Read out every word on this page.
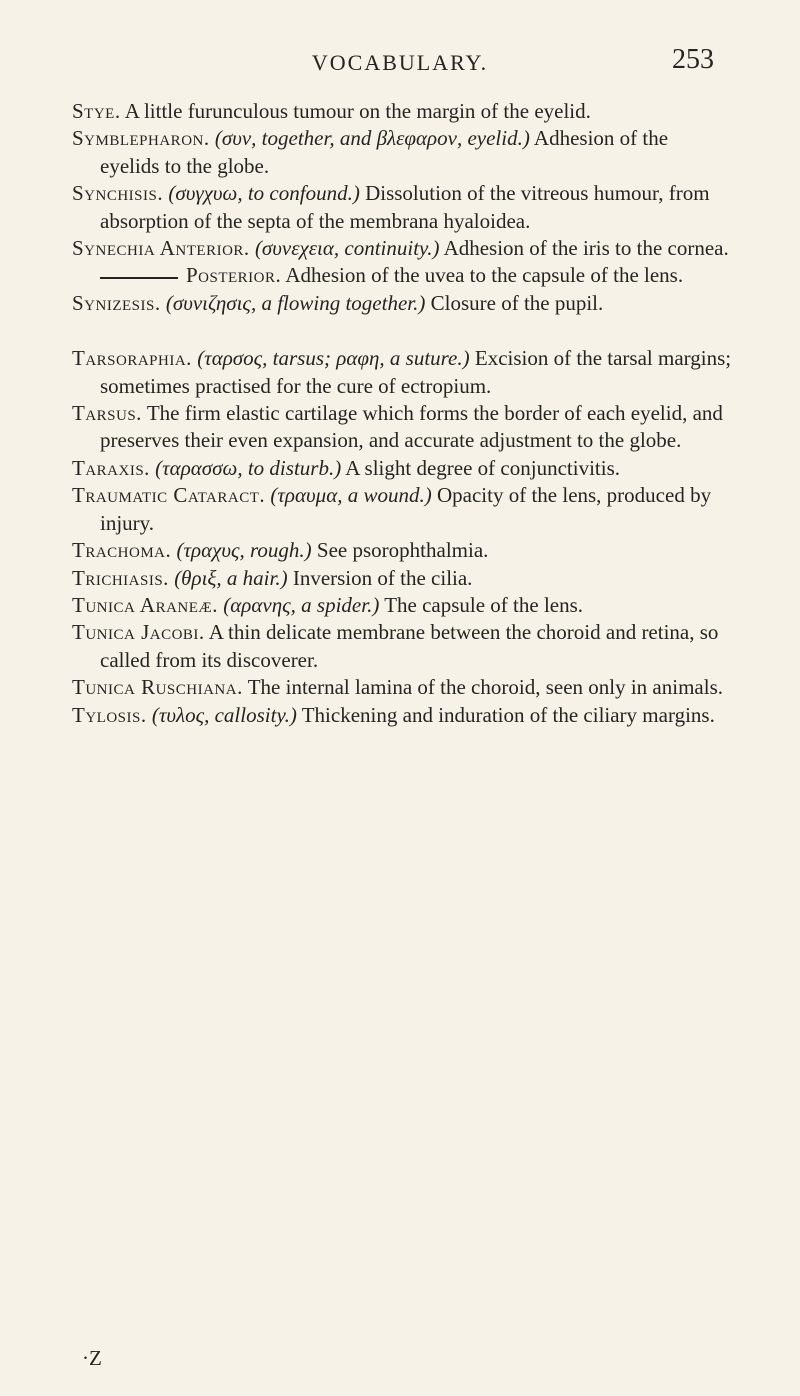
VOCABULARY.	253

Stye. A little furunculous tumour on the margin of the eyelid.

Symblepharon. (συν, together, and βλεφαρον, eyelid.) Adhesion of the eyelids to the globe.

Synchisis. (συγχυω, to confound.) Dissolution of the vitreous humour, from absorption of the septa of the membrana hyaloidea.

Synechia Anterior. (συνεχεια, continuity.) Adhesion of the iris to the cornea.

Posterior. Adhesion of the uvea to the capsule of the lens.

Synizesis. (συνιζησις, a flowing together.) Closure of the pupil.

Tarsoraphia. (ταρσος, tarsus; ραφη, a suture.) Excision of the tarsal margins; sometimes practised for the cure of ectropium.

Tarsus. The firm elastic cartilage which forms the border of each eyelid, and preserves their even expansion, and accurate adjustment to the globe.

Taraxis. (ταρασσω, to disturb.) A slight degree of conjunctivitis.

Traumatic Cataract. (τραυμα, a wound.) Opacity of the lens, produced by injury.

Trachoma. (τραχυς, rough.) See psorophthalmia.

Trichiasis. (θριξ, a hair.) Inversion of the cilia.

Tunica Araneæ. (αραvης, a spider.) The capsule of the lens.

Tunica Jacobi. A thin delicate membrane between the choroid and retina, so called from its discoverer.

Tunica Ruschiana. The internal lamina of the choroid, seen only in animals.

Tylosis. (τυλος, callosity.) Thickening and induration of the ciliary margins.

·Z
